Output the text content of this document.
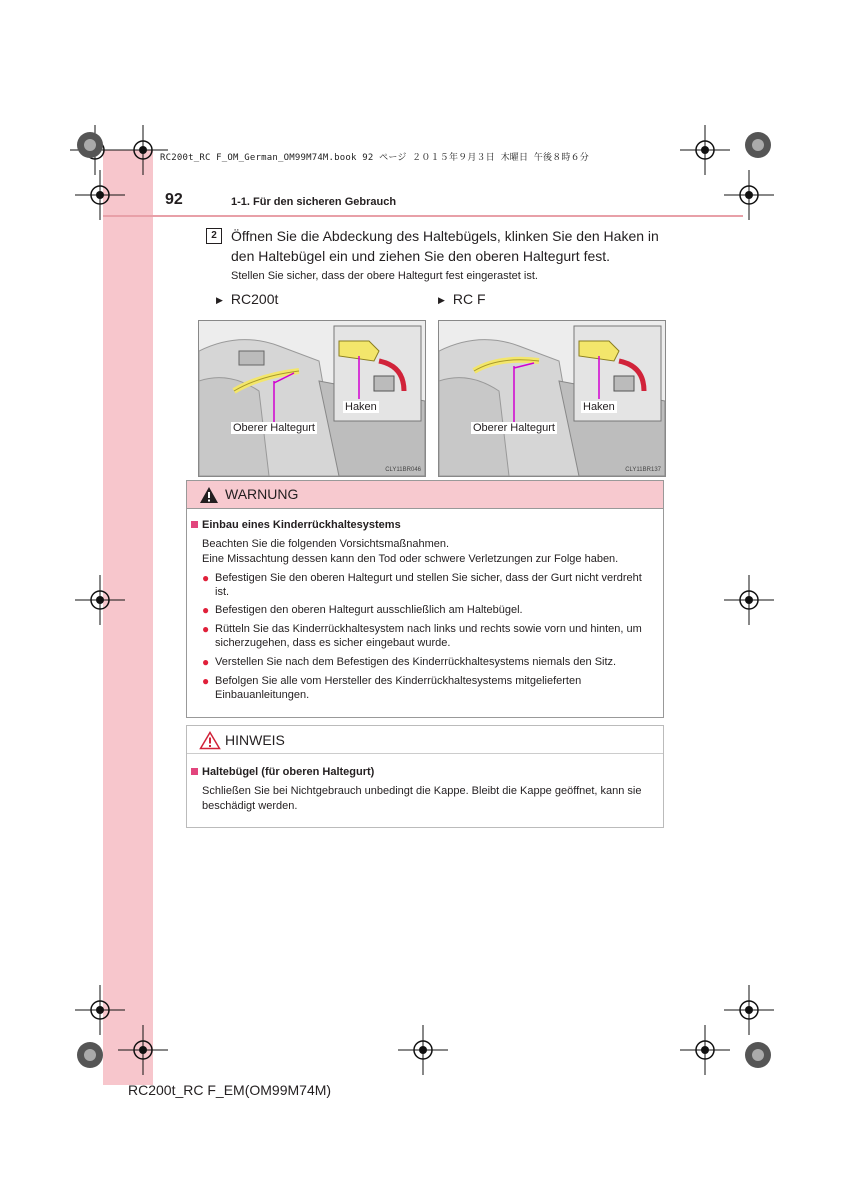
RC200t_RC F_OM_German_OM99M74M.book 92 ページ ２０１５年９月３日 木曜日 午後８時６分
92	1-1. Für den sicheren Gebrauch
2	Öffnen Sie die Abdeckung des Haltebügels, klinken Sie den Haken in den Haltebügel ein und ziehen Sie den oberen Haltegurt fest.
Stellen Sie sicher, dass der obere Haltegurt fest eingerastet ist.
▶ RC200t	▶ RC F
Haken
Oberer Haltegurt
CLY11BR046
Haken
Oberer Haltegurt
CLY11BR137
WARNUNG
Einbau eines Kinderrückhaltesystems
Beachten Sie die folgenden Vorsichtsmaßnahmen.
Eine Missachtung dessen kann den Tod oder schwere Verletzungen zur Folge haben.
● Befestigen Sie den oberen Haltegurt und stellen Sie sicher, dass der Gurt nicht verdreht ist.
● Befestigen den oberen Haltegurt ausschließlich am Haltebügel.
● Rütteln Sie das Kinderrückhaltesystem nach links und rechts sowie vorn und hinten, um sicherzugehen, dass es sicher eingebaut wurde.
● Verstellen Sie nach dem Befestigen des Kinderrückhaltesystems niemals den Sitz.
● Befolgen Sie alle vom Hersteller des Kinderrückhaltesystems mitgelieferten Einbauanleitungen.
HINWEIS
Haltebügel (für oberen Haltegurt)
Schließen Sie bei Nichtgebrauch unbedingt die Kappe. Bleibt die Kappe geöffnet, kann sie beschädigt werden.
RC200t_RC F_EM(OM99M74M)
